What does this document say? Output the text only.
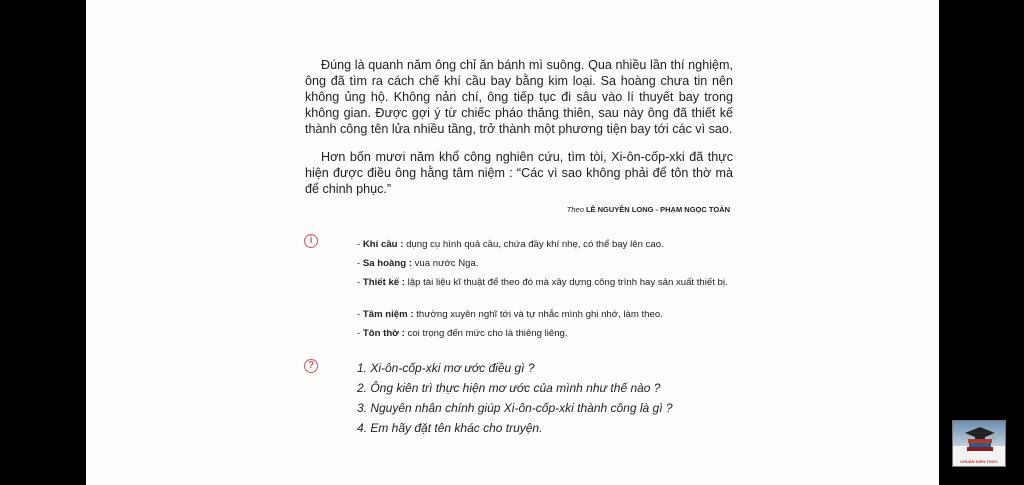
Đúng là quanh năm ông chỉ ăn bánh mì suông. Qua nhiều lần thí nghiệm, ông đã tìm ra cách chế khí cầu bay bằng kim loại. Sa hoàng chưa tin nên không ủng hộ. Không nản chí, ông tiếp tục đi sâu vào lí thuyết bay trong không gian. Được gợi ý từ chiếc pháo thăng thiên, sau này ông đã thiết kế thành công tên lửa nhiều tầng, trở thành một phương tiện bay tới các vì sao.

Hơn bốn mươi năm khổ công nghiên cứu, tìm tòi, Xi-ôn-cốp-xki đã thực hiện được điều ông hằng tâm niệm : “Các vì sao không phải để tôn thờ mà để chinh phục.”

Theo LÊ NGUYÊN LONG - PHẠM NGỌC TOÀN
i	- Khí cầu : dụng cụ hình quả cầu, chứa đầy khí nhẹ, có thể bay lên cao.
- Sa hoàng : vua nước Nga.
- Thiết kế : lập tài liệu kĩ thuật để theo đó mà xây dựng công trình hay sản xuất thiết bị.
- Tâm niệm : thường xuyên nghĩ tới và tự nhắc mình ghi nhớ, làm theo.
- Tôn thờ : coi trọng đến mức cho là thiêng liêng.
?	1. Xi-ôn-cốp-xki mơ ước điều gì ?
2. Ông kiên trì thực hiện mơ ước của mình như thế nào ?
3. Nguyên nhân chính giúp Xi-ôn-cốp-xki thành công là gì ?
4. Em hãy đặt tên khác cho truyện.
CHUẨN KIẾN THỨC
